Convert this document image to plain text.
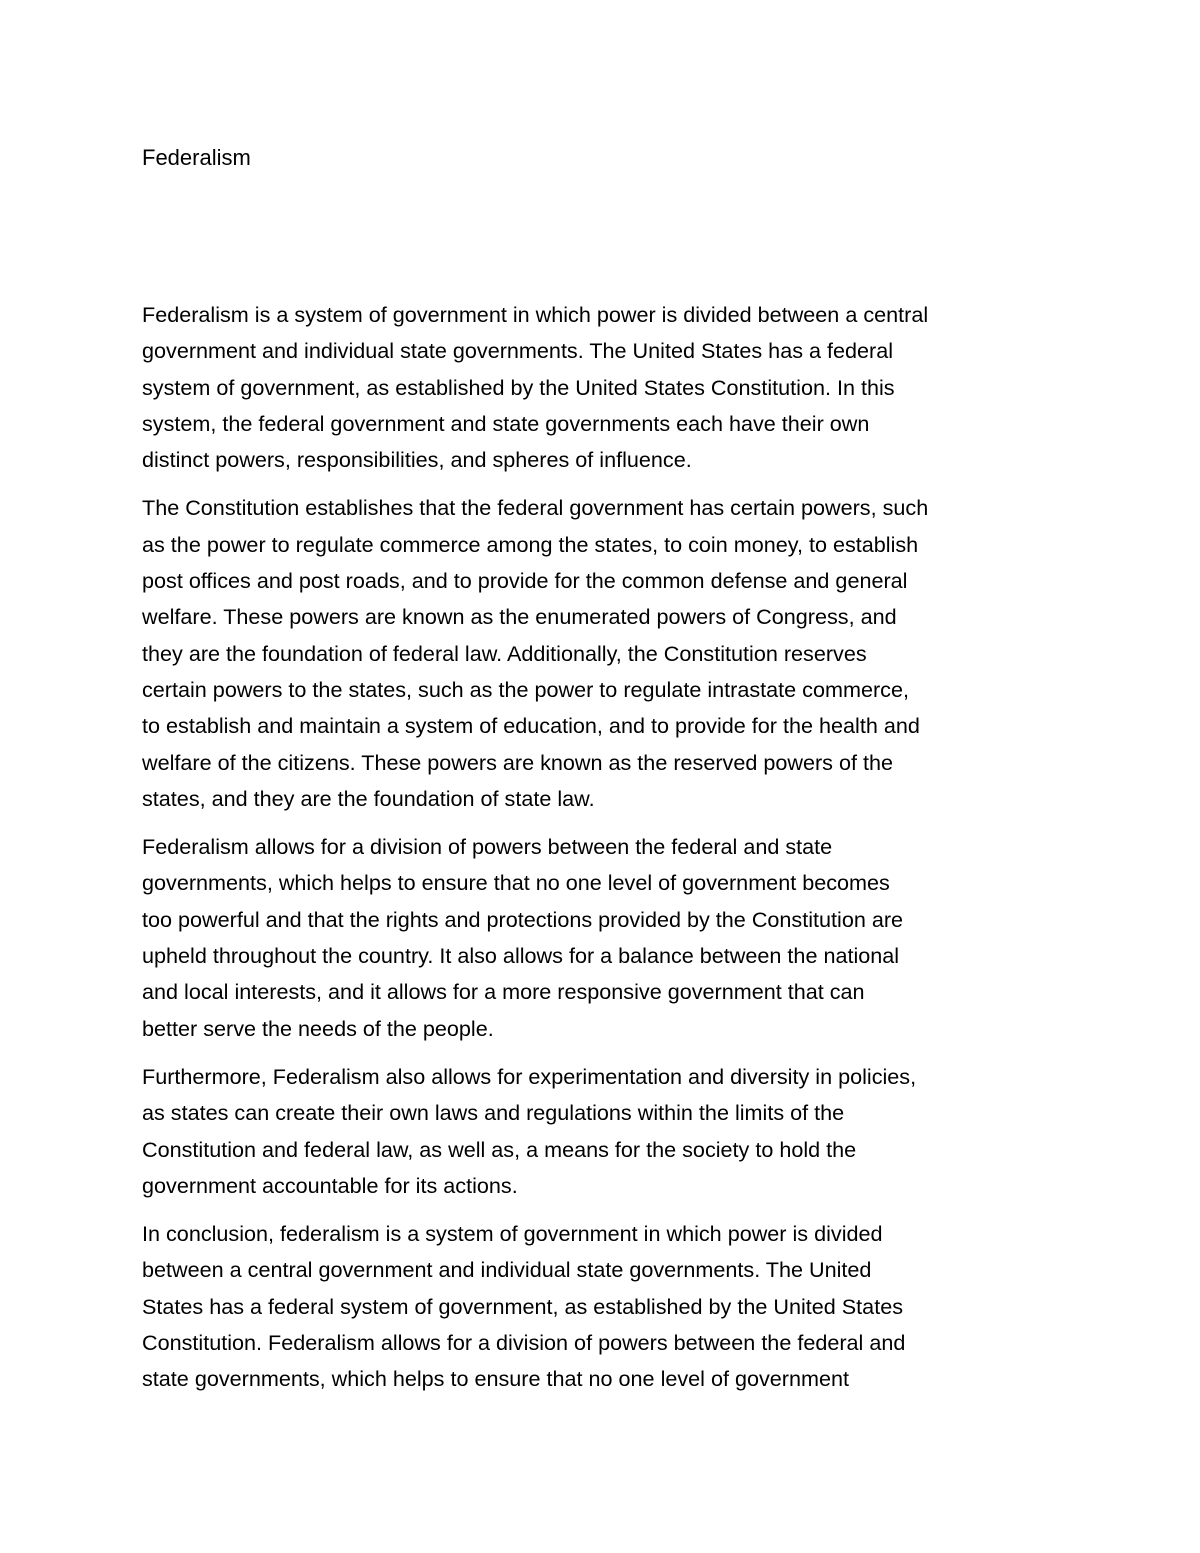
Federalism

Federalism is a system of government in which power is divided between a central
government and individual state governments. The United States has a federal
system of government, as established by the United States Constitution. In this
system, the federal government and state governments each have their own
distinct powers, responsibilities, and spheres of influence.

The Constitution establishes that the federal government has certain powers, such
as the power to regulate commerce among the states, to coin money, to establish
post offices and post roads, and to provide for the common defense and general
welfare. These powers are known as the enumerated powers of Congress, and
they are the foundation of federal law. Additionally, the Constitution reserves
certain powers to the states, such as the power to regulate intrastate commerce,
to establish and maintain a system of education, and to provide for the health and
welfare of the citizens. These powers are known as the reserved powers of the
states, and they are the foundation of state law.

Federalism allows for a division of powers between the federal and state
governments, which helps to ensure that no one level of government becomes
too powerful and that the rights and protections provided by the Constitution are
upheld throughout the country. It also allows for a balance between the national
and local interests, and it allows for a more responsive government that can
better serve the needs of the people.

Furthermore, Federalism also allows for experimentation and diversity in policies,
as states can create their own laws and regulations within the limits of the
Constitution and federal law, as well as, a means for the society to hold the
government accountable for its actions.

In conclusion, federalism is a system of government in which power is divided
between a central government and individual state governments. The United
States has a federal system of government, as established by the United States
Constitution. Federalism allows for a division of powers between the federal and
state governments, which helps to ensure that no one level of government
